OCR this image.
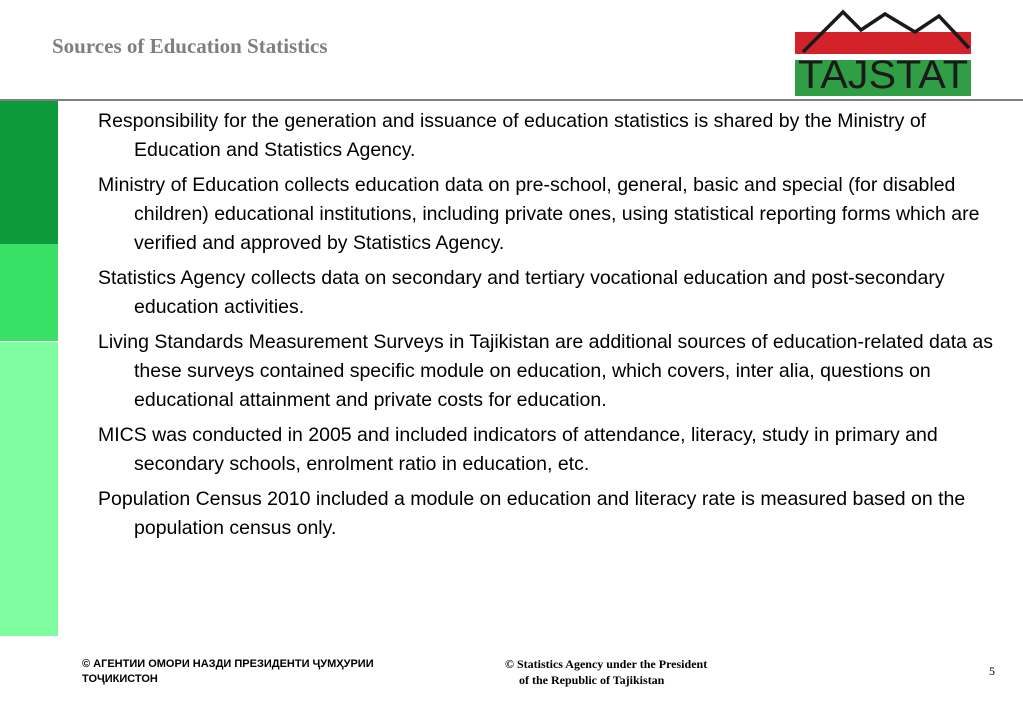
Sources of Education Statistics
TAJSTAT
Responsibility for the generation and issuance of education statistics is shared by the Ministry of Education and Statistics Agency.
Ministry of Education collects education data on pre-school, general, basic and special (for disabled children) educational institutions, including private ones, using statistical reporting forms which are verified and approved by Statistics Agency.
Statistics Agency collects data on secondary and tertiary vocational education and post-secondary education activities.
Living Standards Measurement Surveys in Tajikistan are additional sources of education-related data as these surveys contained specific module on education, which covers, inter alia, questions on educational attainment and private costs for education.
MICS was conducted in 2005 and included indicators of attendance, literacy, study in primary and secondary schools, enrolment ratio in education, etc.
Population Census 2010 included a module on education and literacy rate is measured based on the population census only.
© АГЕНТИИ ОМОРИ НАЗДИ ПРЕЗИДЕНТИ ҶУМҲУРИИ ТОҶИКИСТОН
© Statistics Agency under the President
of the Republic of Tajikistan
5
